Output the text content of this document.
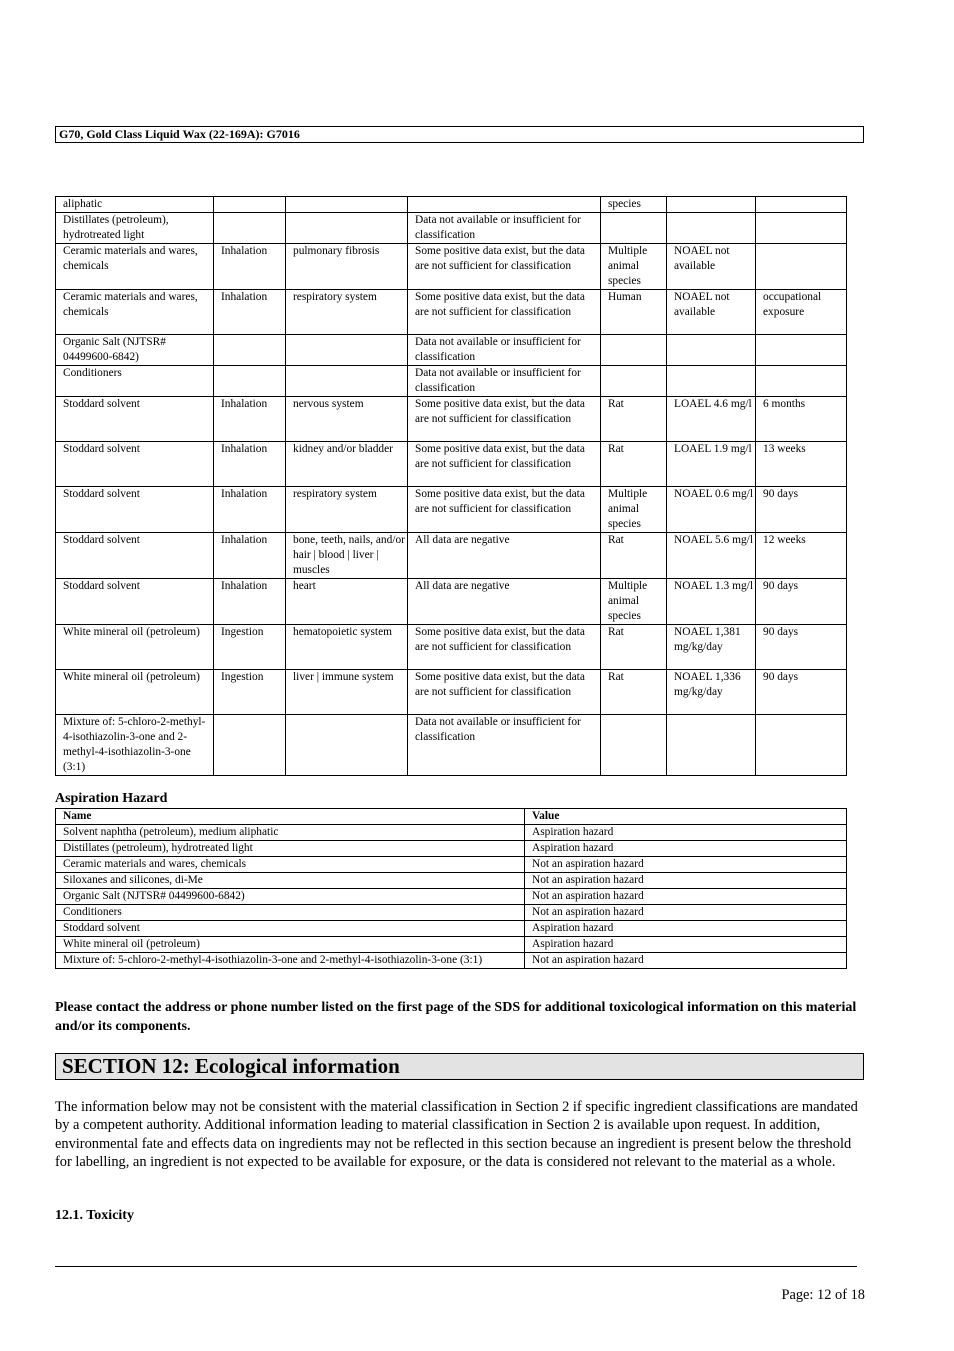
G70, Gold Class Liquid Wax (22-169A): G7016
aliphatic				species		
Distillates (petroleum), hydrotreated light			Data not available or insufficient for classification			
Ceramic materials and wares, chemicals	Inhalation	pulmonary fibrosis	Some positive data exist, but the data are not sufficient for classification	Multiple animal species	NOAEL not available	
Ceramic materials and wares, chemicals	Inhalation	respiratory system	Some positive data exist, but the data are not sufficient for classification	Human	NOAEL not available	occupational exposure
Organic Salt (NJTSR# 04499600-6842)			Data not available or insufficient for classification			
Conditioners			Data not available or insufficient for classification			
Stoddard solvent	Inhalation	nervous system	Some positive data exist, but the data are not sufficient for classification	Rat	LOAEL 4.6 mg/l	6 months
Stoddard solvent	Inhalation	kidney and/or bladder	Some positive data exist, but the data are not sufficient for classification	Rat	LOAEL 1.9 mg/l	13 weeks
Stoddard solvent	Inhalation	respiratory system	Some positive data exist, but the data are not sufficient for classification	Multiple animal species	NOAEL 0.6 mg/l	90 days
Stoddard solvent	Inhalation	bone, teeth, nails, and/or hair | blood | liver | muscles	All data are negative	Rat	NOAEL 5.6 mg/l	12 weeks
Stoddard solvent	Inhalation	heart	All data are negative	Multiple animal species	NOAEL 1.3 mg/l	90 days
White mineral oil (petroleum)	Ingestion	hematopoietic system	Some positive data exist, but the data are not sufficient for classification	Rat	NOAEL 1,381 mg/kg/day	90 days
White mineral oil (petroleum)	Ingestion	liver | immune system	Some positive data exist, but the data are not sufficient for classification	Rat	NOAEL 1,336 mg/kg/day	90 days
Mixture of: 5-chloro-2-methyl-4-isothiazolin-3-one and 2-methyl-4-isothiazolin-3-one (3:1)			Data not available or insufficient for classification			
Aspiration Hazard
Name	Value
Solvent naphtha (petroleum), medium aliphatic	Aspiration hazard
Distillates (petroleum), hydrotreated light	Aspiration hazard
Ceramic materials and wares, chemicals	Not an aspiration hazard
Siloxanes and silicones, di-Me	Not an aspiration hazard
Organic Salt (NJTSR# 04499600-6842)	Not an aspiration hazard
Conditioners	Not an aspiration hazard
Stoddard solvent	Aspiration hazard
White mineral oil (petroleum)	Aspiration hazard
Mixture of: 5-chloro-2-methyl-4-isothiazolin-3-one and 2-methyl-4-isothiazolin-3-one (3:1)	Not an aspiration hazard
Please contact the address or phone number listed on the first page of the SDS for additional toxicological information on this material and/or its components.
SECTION 12: Ecological information
The information below may not be consistent with the material classification in Section 2 if specific ingredient classifications are mandated by a competent authority. Additional information leading to material classification in Section 2 is available upon request. In addition, environmental fate and effects data on ingredients may not be reflected in this section because an ingredient is present below the threshold for labelling, an ingredient is not expected to be available for exposure, or the data is considered not relevant to the material as a whole.
12.1. Toxicity
Page: 12 of 18
